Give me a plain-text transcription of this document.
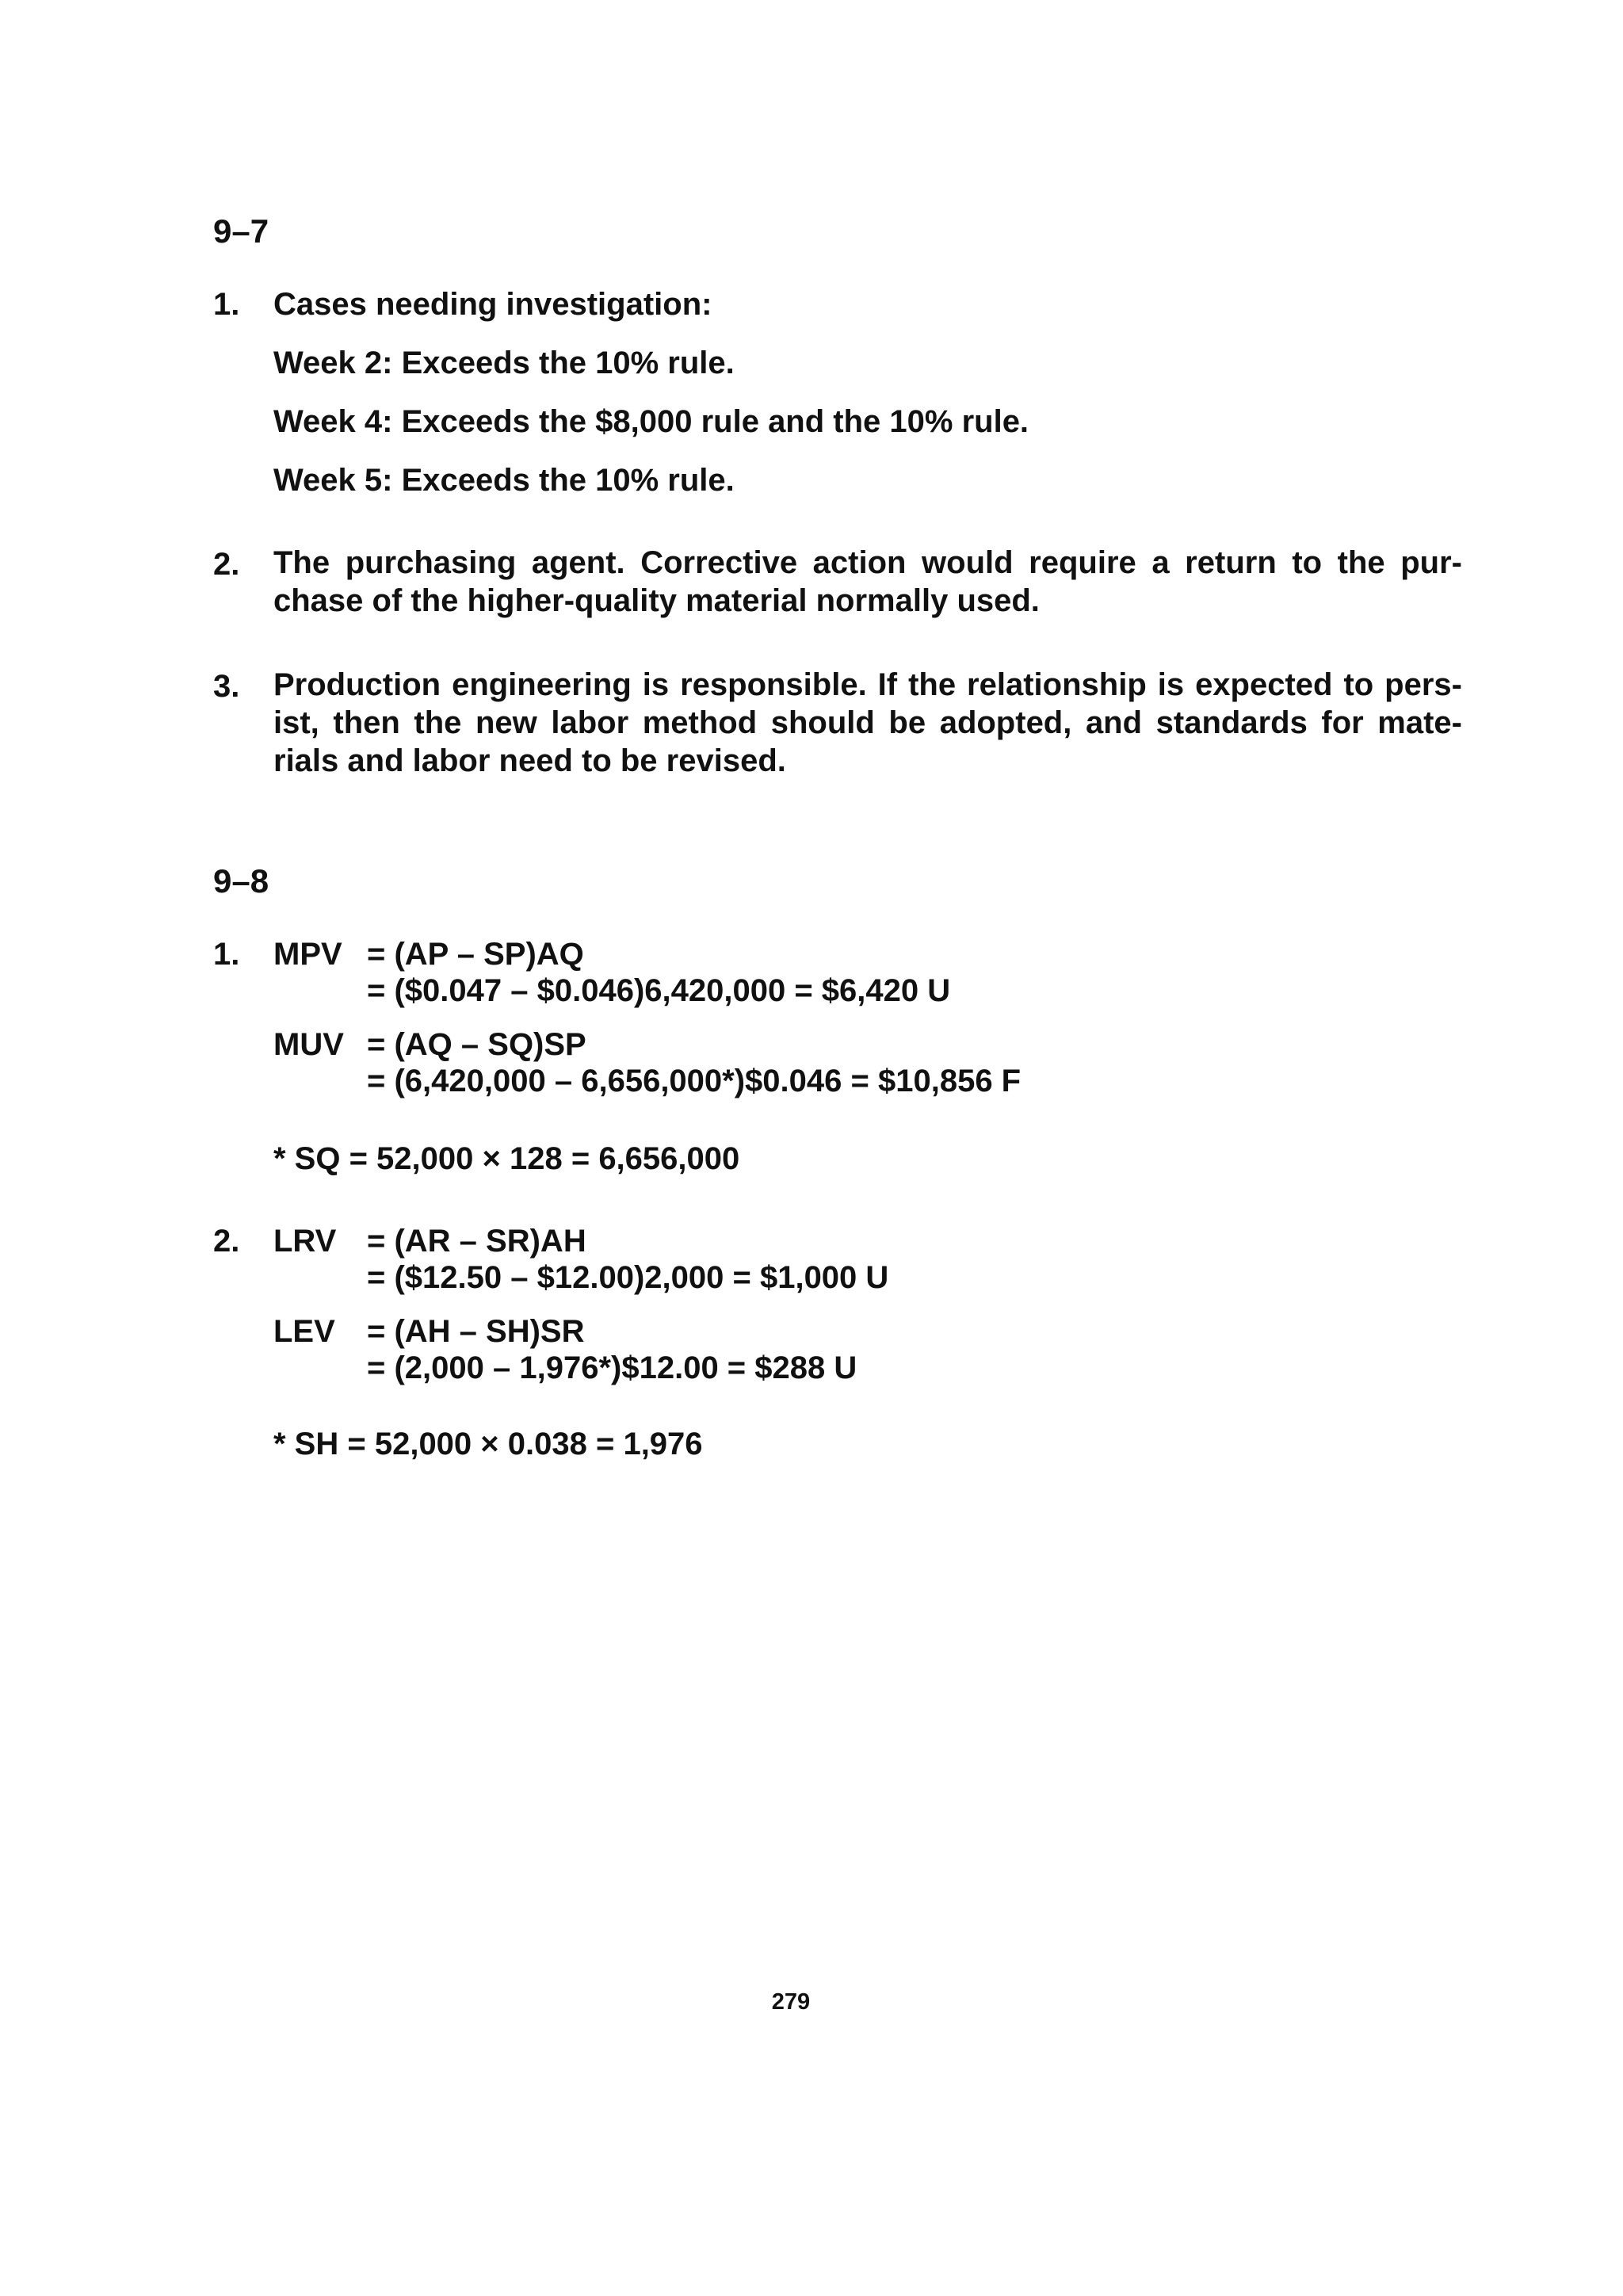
9–7
1. Cases needing investigation:
Week 2: Exceeds the 10% rule.
Week 4: Exceeds the $8,000 rule and the 10% rule.
Week 5: Exceeds the 10% rule.
2. The purchasing agent. Corrective action would require a return to the pur-chase of the higher-quality material normally used.
3. Production engineering is responsible. If the relationship is expected to pers-ist, then the new labor method should be adopted, and standards for mate-rials and labor need to be revised.
9–8
1. MPV = (AP – SP)AQ
= ($0.047 – $0.046)6,420,000 = $6,420 U
MUV = (AQ – SQ)SP
= (6,420,000 – 6,656,000*)$0.046 = $10,856 F
* SQ = 52,000 × 128 = 6,656,000
2. LRV = (AR – SR)AH
= ($12.50 – $12.00)2,000 = $1,000 U
LEV = (AH – SH)SR
= (2,000 – 1,976*)$12.00 = $288 U
* SH = 52,000 × 0.038 = 1,976
279
